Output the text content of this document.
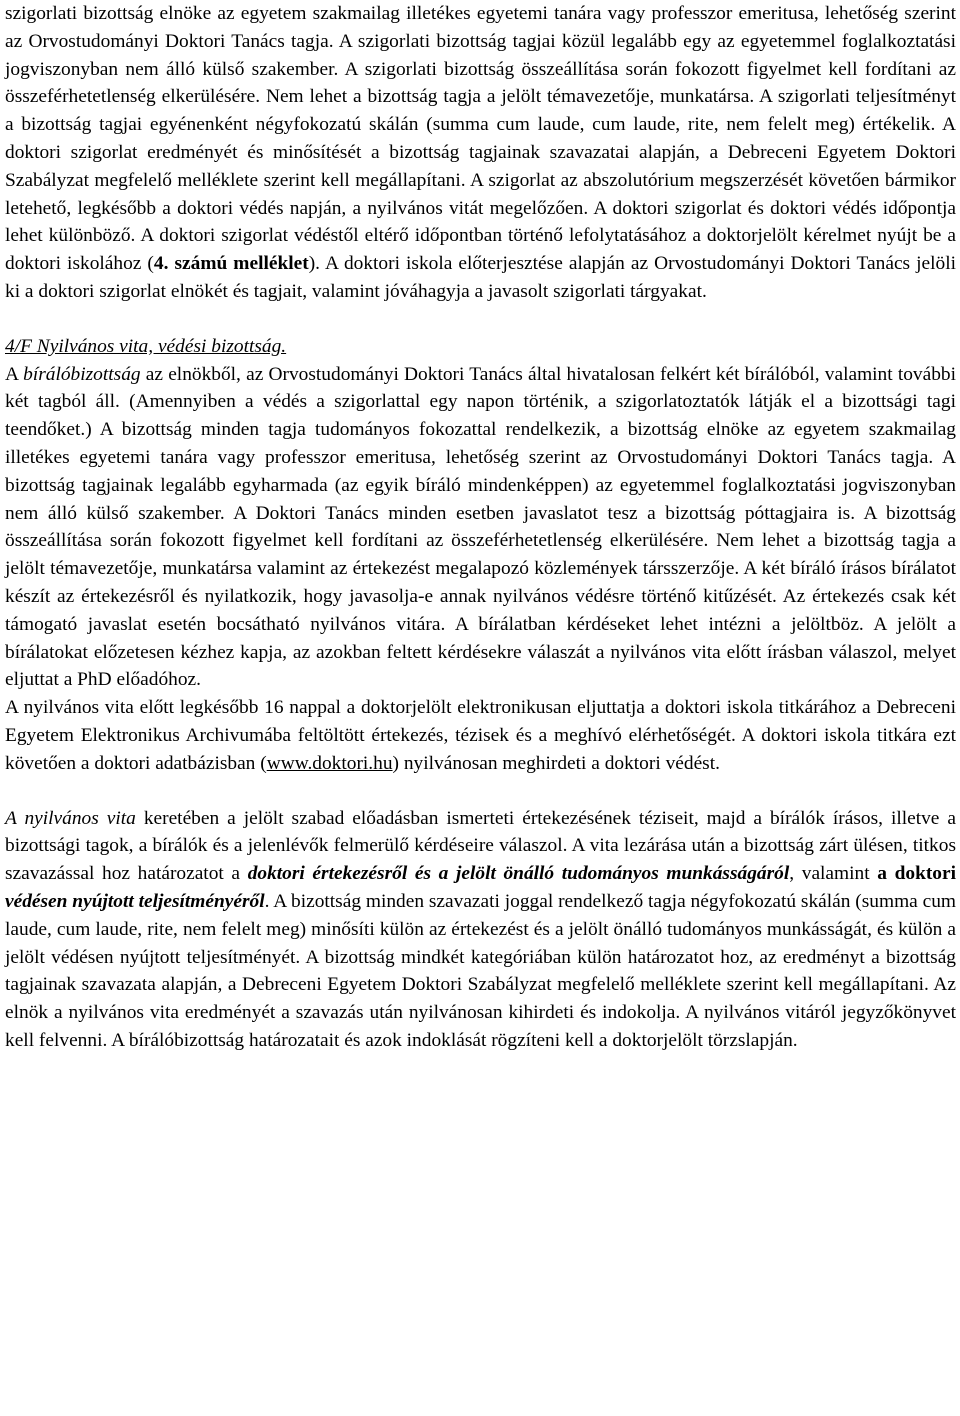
szigorlati bizottság elnöke az egyetem szakmailag illetékes egyetemi tanára vagy professzor emeritusa, lehetőség szerint az Orvostudományi Doktori Tanács tagja. A szigorlati bizottság tagjai közül legalább egy az egyetemmel foglalkoztatási jogviszonyban nem álló külső szakember. A szigorlati bizottság összeállítása során fokozott figyelmet kell fordítani az összeférhetetlenség elkerülésére. Nem lehet a bizottság tagja a jelölt témavezetője, munkatársa. A szigorlati teljesítményt a bizottság tagjai egyénenként négyfokozatú skálán (summa cum laude, cum laude, rite, nem felelt meg) értékelik. A doktori szigorlat eredményét és minősítését a bizottság tagjainak szavazatai alapján, a Debreceni Egyetem Doktori Szabályzat megfelelő melléklete szerint kell megállapítani. A szigorlat az abszolutórium megszerzését követően bármikor letehető, legkésőbb a doktori védés napján, a nyilvános vitát megelőzően. A doktori szigorlat és doktori védés időpontja lehet különböző. A doktori szigorlat védéstől eltérő időpontban történő lefolytatásához a doktorjelölt kérelmet nyújt be a doktori iskolához (4. számú melléklet). A doktori iskola előterjesztése alapján az Orvostudományi Doktori Tanács jelöli ki a doktori szigorlat elnökét és tagjait, valamint jóváhagyja a javasolt szigorlati tárgyakat.

4/F Nyilvános vita, védési bizottság.

A bírálóbizottság az elnökből, az Orvostudományi Doktori Tanács által hivatalosan felkért két bírálóból, valamint további két tagból áll. (Amennyiben a védés a szigorlattal egy napon történik, a szigorlatoztatók látják el a bizottsági tagi teendőket.) A bizottság minden tagja tudományos fokozattal rendelkezik, a bizottság elnöke az egyetem szakmailag illetékes egyetemi tanára vagy professzor emeritusa, lehetőség szerint az Orvostudományi Doktori Tanács tagja. A bizottság tagjainak legalább egyharmada (az egyik bíráló mindenképpen) az egyetemmel foglalkoztatási jogviszonyban nem álló külső szakember. A Doktori Tanács minden esetben javaslatot tesz a bizottság póttagjaira is. A bizottság összeállítása során fokozott figyelmet kell fordítani az összeférhetetlenség elkerülésére. Nem lehet a bizottság tagja a jelölt témavezetője, munkatársa valamint az értekezést megalapozó közlemények társszerzője. A két bíráló írásos bírálatot készít az értekezésről és nyilatkozik, hogy javasolja-e annak nyilvános védésre történő kitűzését. Az értekezés csak két támogató javaslat esetén bocsátható nyilvános vitára. A bírálatban kérdéseket lehet intézni a jelöltböz. A jelölt a bírálatokat előzetesen kézhez kapja, az azokban feltett kérdésekre válaszát a nyilvános vita előtt írásban válaszol, melyet eljuttat a PhD előadóhoz.

A nyilvános vita előtt legkésőbb 16 nappal a doktorjelölt elektronikusan eljuttatja a doktori iskola titkárához a Debreceni Egyetem Elektronikus Archivumába feltöltött értekezés, tézisek és a meghívó elérhetőségét. A doktori iskola titkára ezt követően a doktori adatbázisban (www.doktori.hu) nyilvánosan meghirdeti a doktori védést.

A nyilvános vita keretében a jelölt szabad előadásban ismerteti értekezésének téziseit, majd a bírálók írásos, illetve a bizottsági tagok, a bírálók és a jelenlévők felmerülő kérdéseire válaszol. A vita lezárása után a bizottság zárt ülésen, titkos szavazással hoz határozatot a doktori értekezésről és a jelölt önálló tudományos munkásságáról, valamint a doktori védésen nyújtott teljesítményéről. A bizottság minden szavazati joggal rendelkező tagja négyfokozatú skálán (summa cum laude, cum laude, rite, nem felelt meg) minősíti külön az értekezést és a jelölt önálló tudományos munkásságát, és külön a jelölt védésen nyújtott teljesítményét. A bizottság mindkét kategóriában külön határozatot hoz, az eredményt a bizottság tagjainak szavazata alapján, a Debreceni Egyetem Doktori Szabályzat megfelelő melléklete szerint kell megállapítani. Az elnök a nyilvános vita eredményét a szavazás után nyilvánosan kihirdeti és indokolja. A nyilvános vitáról jegyzőkönyvet kell felvenni. A bírálóbizottság határozatait és azok indoklását rögzíteni kell a doktorjelölt törzslapján.
